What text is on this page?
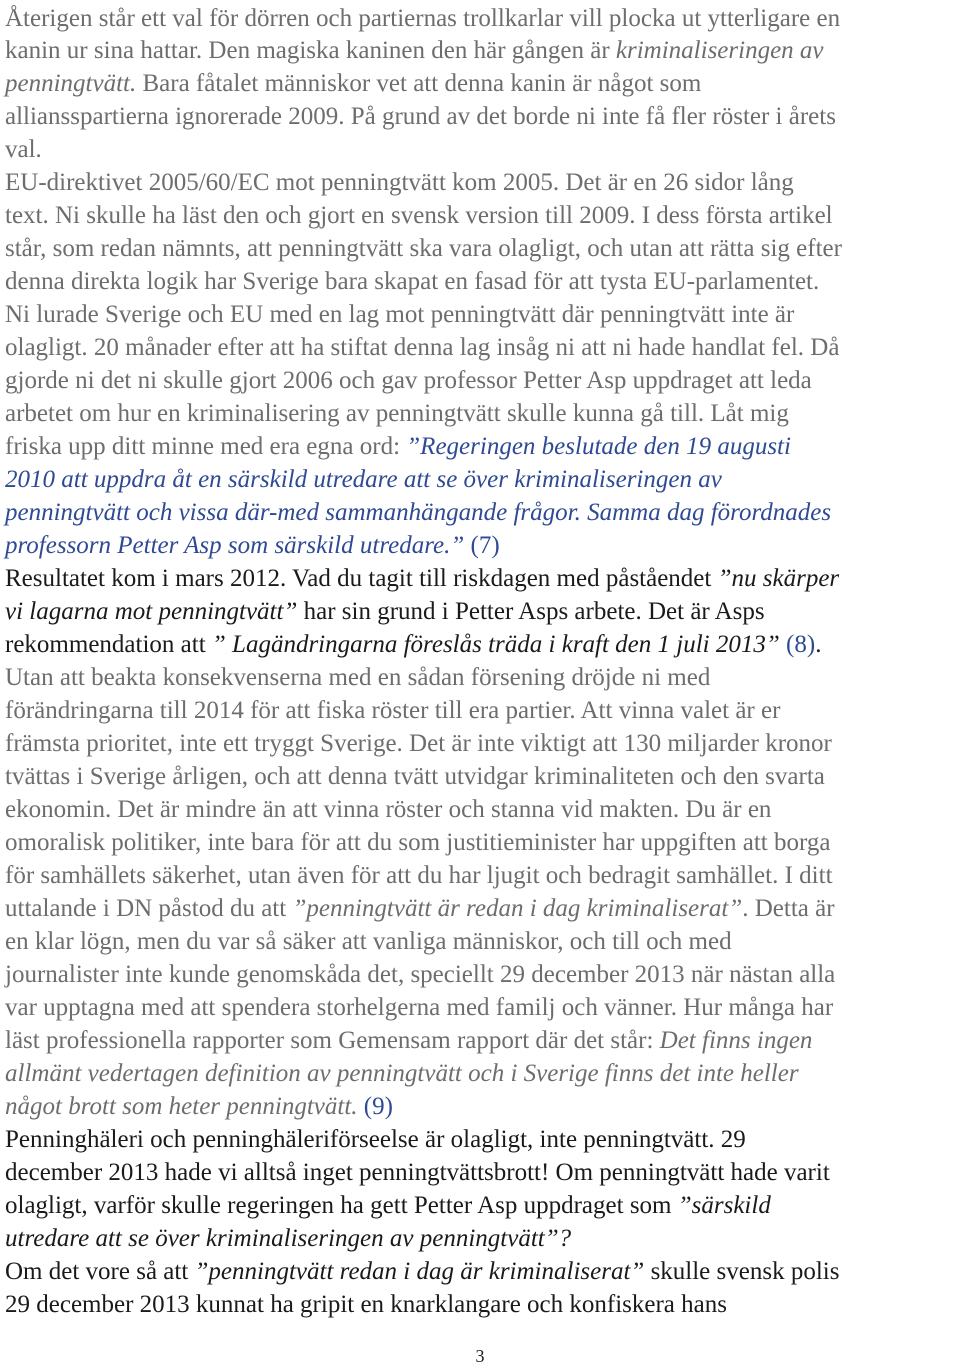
Återigen står ett val för dörren och partiernas trollkarlar vill plocka ut ytterligare en
kanin ur sina hattar. Den magiska kaninen den här gången är kriminaliseringen av
penningtvätt. Bara fåtalet människor vet att denna kanin är något som
alliansspartierna ignorerade 2009. På grund av det borde ni inte få fler röster i årets
val.
EU-direktivet 2005/60/EC mot penningtvätt kom 2005. Det är en 26 sidor lång
text. Ni skulle ha läst den och gjort en svensk version till 2009. I dess första artikel
står, som redan nämnts, att penningtvätt ska vara olagligt, och utan att rätta sig efter
denna direkta logik har Sverige bara skapat en fasad för att tysta EU-parlamentet.
Ni lurade Sverige och EU med en lag mot penningtvätt där penningtvätt inte är
olagligt. 20 månader efter att ha stiftat denna lag insåg ni att ni hade handlat fel. Då
gjorde ni det ni skulle gjort 2006 och gav professor Petter Asp uppdraget att leda
arbetet om hur en kriminalisering av penningtvätt skulle kunna gå till. Låt mig
friska upp ditt minne med era egna ord: ”Regeringen beslutade den 19 augusti
2010 att uppdra åt en särskild utredare att se över kriminaliseringen av
penningtvätt och vissa där-med sammanhängande frågor. Samma dag förordnades
professorn Petter Asp som särskild utredare.” (7)
Resultatet kom i mars 2012. Vad du tagit till riskdagen med påståendet ”nu skärper
vi lagarna mot penningtvätt” har sin grund i Petter Asps arbete. Det är Asps
rekommendation att ” Lagändringarna föreslås träda i kraft den 1 juli 2013” (8).
Utan att beakta konsekvenserna med en sådan försening dröjde ni med
förändringarna till 2014 för att fiska röster till era partier. Att vinna valet är er
främsta prioritet, inte ett tryggt Sverige. Det är inte viktigt att 130 miljarder kronor
tvättas i Sverige årligen, och att denna tvätt utvidgar kriminaliteten och den svarta
ekonomin. Det är mindre än att vinna röster och stanna vid makten. Du är en
omoralisk politiker, inte bara för att du som justitieminister har uppgiften att borga
för samhällets säkerhet, utan även för att du har ljugit och bedragit samhället. I ditt
uttalande i DN påstod du att ”penningtvätt är redan i dag kriminaliserat”. Detta är
en klar lögn, men du var så säker att vanliga människor, och till och med
journalister inte kunde genomskåda det, speciellt 29 december 2013 när nästan alla
var upptagna med att spendera storhelgerna med familj och vänner. Hur många har
läst professionella rapporter som Gemensam rapport där det står: Det finns ingen
allmänt vedertagen definition av penningtvätt och i Sverige finns det inte heller
något brott som heter penningtvätt. (9)
Penninghäleri och penninghäleriförseelse är olagligt, inte penningtvätt. 29
december 2013 hade vi alltså inget penningtvättsbrott! Om penningtvätt hade varit
olagligt, varför skulle regeringen ha gett Petter Asp uppdraget som ”särskild
utredare att se över kriminaliseringen av penningtvätt”?
Om det vore så att ”penningtvätt redan i dag är kriminaliserat” skulle svensk polis
29 december 2013 kunnat ha gripit en knarklangare och konfiskera hans
3
